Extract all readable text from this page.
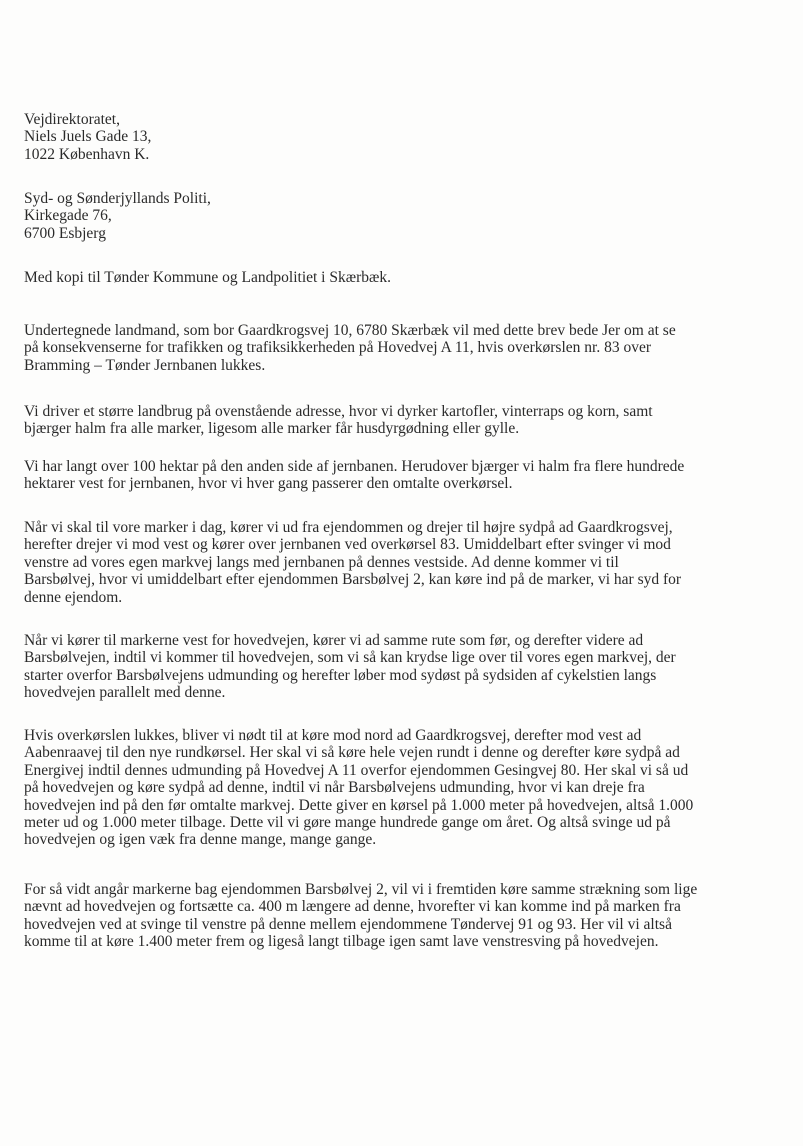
Vejdirektoratet,
Niels Juels Gade 13,
1022 København K.
Syd- og Sønderjyllands Politi,
Kirkegade 76,
6700 Esbjerg
Med kopi til Tønder Kommune og Landpolitiet i Skærbæk.

Undertegnede landmand, som bor Gaardkrogsvej 10, 6780 Skærbæk vil med dette brev bede Jer om at se på konsekvenserne for trafikken og trafiksikkerheden på Hovedvej A 11, hvis overkørslen nr. 83 over Bramming – Tønder Jernbanen lukkes.

Vi driver et større landbrug på ovenstående adresse, hvor vi dyrker kartofler, vinterraps og korn, samt bjærger halm fra alle marker, ligesom alle marker får husdyrgødning eller gylle.

Vi har langt over 100 hektar på den anden side af jernbanen. Herudover bjærger vi halm fra flere hundrede hektarer vest for jernbanen, hvor vi hver gang passerer den omtalte overkørsel.

Når vi skal til vore marker i dag, kører vi ud fra ejendommen og drejer til højre sydpå ad Gaardkrogsvej, herefter drejer vi mod vest og kører over jernbanen ved overkørsel 83. Umiddelbart efter svinger vi mod venstre ad vores egen markvej langs med jernbanen på dennes vestside. Ad denne kommer vi til Barsbølvej, hvor vi umiddelbart efter ejendommen Barsbølvej 2, kan køre ind på de marker, vi har syd for denne ejendom.

Når vi kører til markerne vest for hovedvejen, kører vi ad samme rute som før, og derefter videre ad Barsbølvejen, indtil vi kommer til hovedvejen, som vi så kan krydse lige over til vores egen markvej, der starter overfor Barsbølvejens udmunding og herefter løber mod sydøst på sydsiden af cykelstien langs hovedvejen parallelt med denne.

Hvis overkørslen lukkes, bliver vi nødt til at køre mod nord ad Gaardkrogsvej, derefter mod vest ad Aabenraavej til den nye rundkørsel. Her skal vi så køre hele vejen rundt i denne og derefter køre sydpå ad Energivej indtil dennes udmunding på Hovedvej A 11 overfor ejendommen Gesingvej 80. Her skal vi så ud på hovedvejen og køre sydpå ad denne, indtil vi når Barsbølvejens udmunding, hvor vi kan dreje fra hovedvejen ind på den før omtalte markvej. Dette giver en kørsel på 1.000 meter på hovedvejen, altså 1.000 meter ud og 1.000 meter tilbage. Dette vil vi gøre mange hundrede gange om året. Og altså svinge ud på hovedvejen og igen væk fra denne mange, mange gange.

For så vidt angår markerne bag ejendommen Barsbølvej 2, vil vi i fremtiden køre samme strækning som lige nævnt ad hovedvejen og fortsætte ca. 400 m længere ad denne, hvorefter vi kan komme ind på marken fra hovedvejen ved at svinge til venstre på denne mellem ejendommene Tøndervej 91 og 93. Her vil vi altså komme til at køre 1.400 meter frem og ligeså langt tilbage igen samt lave venstresving på hovedvejen.
